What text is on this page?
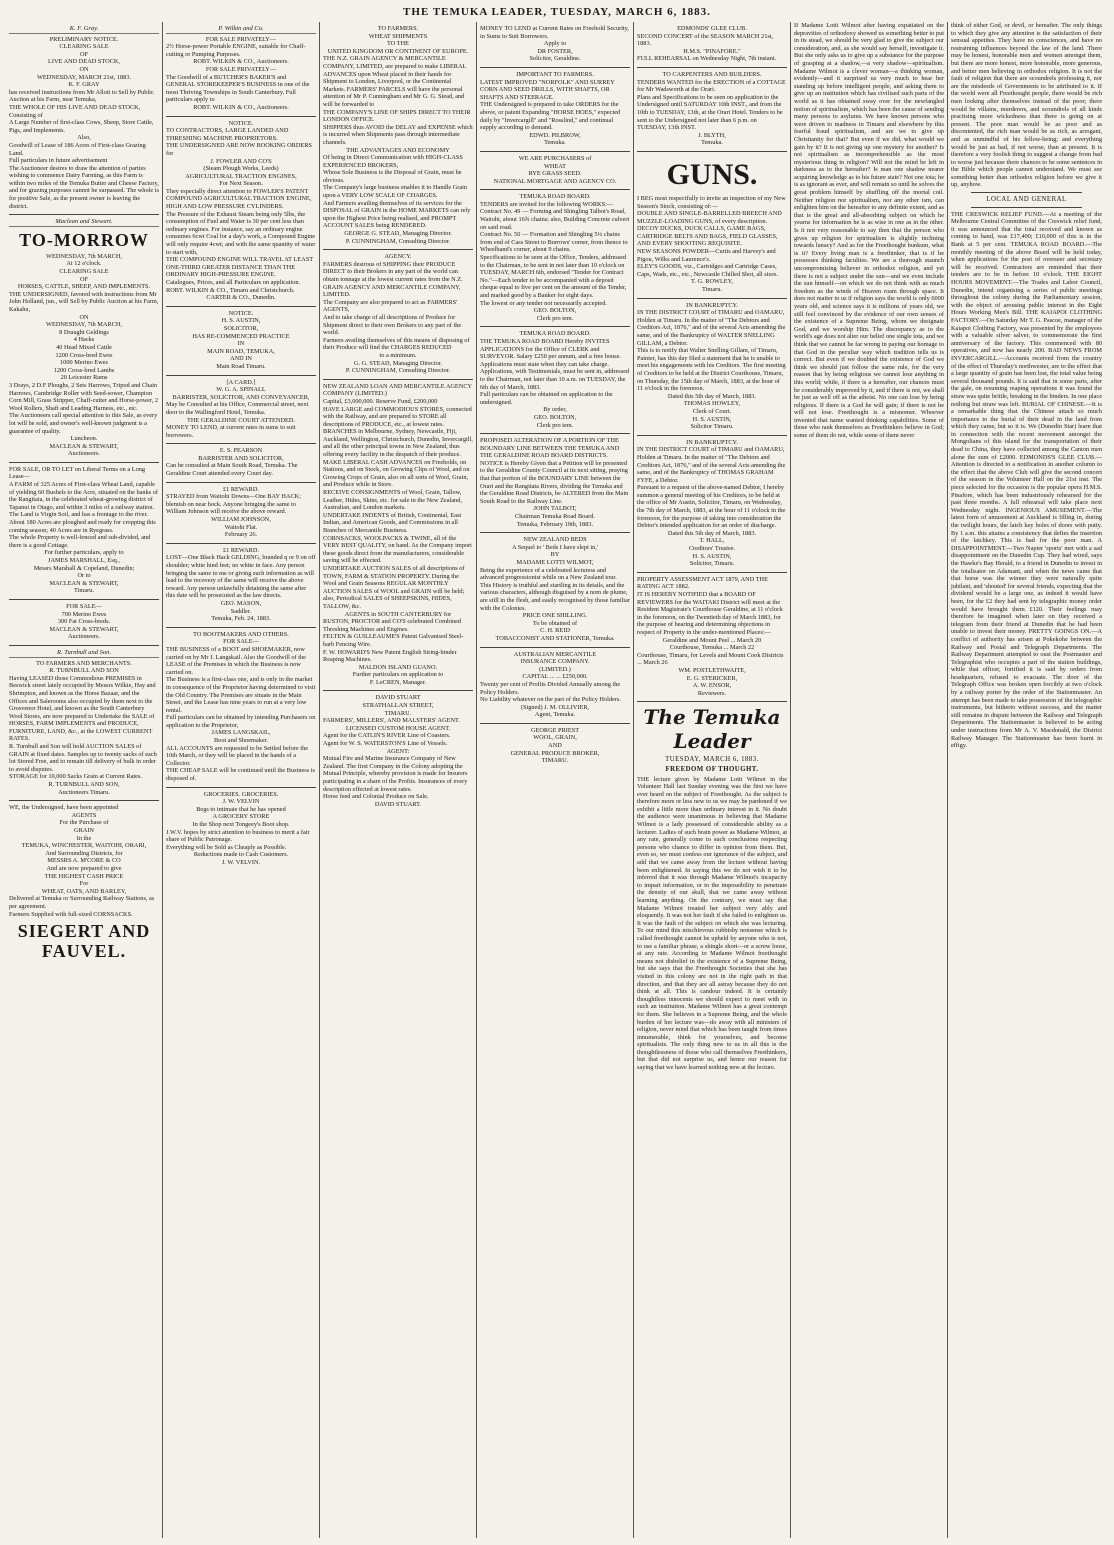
THE TEMUKA LEADER, TUESDAY, MARCH 6, 1883.
K. F. Gray.
PRELIMINARY NOTICE.
CLEARING SALE
OF
LIVE AND DEAD STOCK,
ON
WEDNESDAY, MARCH 21st, 1883.
K. F. GRAY
has received instructions from Mr Allott to Sell by Public Auction at his Farm, near Temuka,
THE WHOLE OF HIS LIVE AND DEAD STOCK, Consisting of
A Large Number of first-class Cows, Sheep, Store Cattle, Pigs, and Implements.
Also,
Goodwill of Lease of 186 Acres of First-class Grazing Land.
Full particulars in future advertisement
The Auctioneer desires to draw the attention of parties wishing to commence Dairy Farming, as this Farm is within two miles of the Temuka Butter and Cheese Factory, and for grazing purposes cannot be surpassed. The whole is for positive Sale, as the present owner is leaving the district.
Maclean and Stewart.
TO-MORROW
WEDNESDAY, 7th MARCH,
At 12 o'clock.
CLEARING SALE
OF
HORSES, CATTLE, SHEEP, AND IMPLEMENTS.
THE UNDERSIGNED, favored with instructions from Mr John Holland, jun., will Sell by Public Auction at his Farm, Kakahu,
ON
WEDNESDAY, 7th MARCH,
8 Draught Geldings
4 Hacks
40 Head Mixed Cattle
1200 Cross-bred Ewes
1000 Merino Ewes
1200 Cross-bred Lambs
20 Leicester Rams
3 Drays, 2 D.F Ploughs, 2 Sets Harrows, Tripod and Chain Harrows, Cambridge Roller with Seed-sower, Champion Corn Mill, Grass Stripper, Chaff-cutter and Horse-power, 2 Wool Rollers, Shaft and Leading Harness, etc., etc.
The Auctioneers call special attention to this Sale, as every lot will be sold, and owner's well-known judgment is a guarantee of quality.
Luncheon.
MACLEAN & STEWART,
Auctioneers.
FOR SALE, OR TO LET on Liberal Terms on a Long Lease—
A FARM of 325 Acres of First-class Wheat Land, capable of yielding 60 Bushels to the Acre, situated on the banks of the Rangitata, in the celebrated wheat-growing district of Tapanui in Otago, and within 3 miles of a railway station. The Land is Virgin Soil, and has a frontage to the river. About 180 Acres are ploughed and ready for cropping this coming season; 40 Acres are in Ryegrass.
The whole Property is well-fenced and sub-divided, and there is a good Cottage.
For further particulars, apply to
JAMES MARSHALL, Esq.,
Messrs Marshall & Copeland, Dunedin;
Or to
MACLEAN & STEWART,
Timaru.
FOR SALE—
700 Merino Ewes
300 Fat Cross-breds.
MACLEAN & STEWART,
Auctioneers.
R. Turnbull and Son.
TO FARMERS AND MERCHANTS.
R. TURNBULL AND SON
Having LEASED those Commodious PREMISES in Beswick street lately occupied by Messrs Wilkie, Hay and Shrimpton, and known as the Horse Bazaar, and the Offices and Salerooms also occupied by them next to the Grosvenor Hotel, and known as the South Canterbury Wool Stores, are now prepared to Undertake the SALE of HORSES, FARM IMPLEMENTS and PRODUCE, FURNITURE, LAND, &c., at the LOWEST CURRENT RATES.
R. Turnbull and Son will hold AUCTION SALES of GRAIN at fixed dates. Samples up to twenty sacks of each lot Stored Free, and to remain till delivery of bulk in order to avoid disputes.
STORAGE for 10,000 Sacks Grain at Current Rates.
R. TURNBULL AND SON,
Auctioneers Timaru.
WE, the Undersigned, have been appointed
AGENTS
For the Purchase of
GRAIN
In the
TEMUKA, WINCHESTER, WAITOHI, ORARI,
And Surrounding Districts, for
MESSRS A. M'CORE & CO
And are now prepared to give
THE HIGHEST CASH PRICE
For
WHEAT, OATS, AND BARLEY,
Delivered at Temuka or Surrounding Railway Stations, as per agreement.
Farmers Supplied with full-sized CORNSACKS.
SIEGERT AND FAUVEL.
P. Wilkin and Co.
FOR SALE PRIVATELY—
2½ Horse-power Portable ENGINE, suitable for Chaff-cutting or Pumping Purposes.
ROBT. WILKIN & CO., Auctioneers.
FOR SALE PRIVATELY—
The Goodwill of a BUTCHER'S BAKER'S and GENERAL STOREKEEPER'S BUSINESS in one of the most Thriving Townships in South Canterbury. Full particulars apply to
ROBT. WILKIN & CO., Auctioneers.
NOTICE.
TO CONTRACTORS, LARGE LANDED AND THRESHING MACHINE PROPRIETORS.
THE UNDERSIGNED ARE NOW BOOKING ORDERS for
J. FOWLER AND CO'S
(Steam Plough Works, Leeds)
AGRICULTURAL TRACTION ENGINES,
For Next Season.
They especially direct attention to FOWLER'S PATENT COMPOUND AGRICULTURAL TRACTION ENGINE, HIGH AND LOW PRESSURE CYLINDERS.
The Pressure of the Exhaust Steam being only 5lbs, the consumption of Fuel and Water is 30 per cent less than ordinary engines. For instance, say an ordinary engine consumes 6cwt Coal for a day's work, a Compound Engine will only require 4cwt; and with the same quantity of water to start with,
THE COMPOUND ENGINE WILL TRAVEL AT LEAST ONE-THIRD GREATER DISTANCE THAN THE ORDINARY HIGH-PRESSURE ENGINE.
Catalogues, Prices, and all Particulars on application.
ROBT. WILKIN & CO., Timaru and Christchurch.
CARTER & CO., Dunedin.
NOTICE.
H. S. AUSTIN,
SOLICITOR,
HAS RE-COMMENCED PRACTICE
IN
MAIN ROAD, TEMUKA,
AND IN
Main Road Timaru.
[A CARD.]
W. G. A. SPINALL
BARRISTER, SOLICITOR, AND CONVEYANCER,
May be Consulted at his Office, Commercial street, next door to the Wallingford Hotel, Temuka.
THE GERALDINE COURT ATTENDED.
MONEY TO LEND, at current rates in sums to suit borrowers.
E. S. PEARSON
BARRISTER AND SOLICITOR,
Can be consulted at Main South Road, Temuka. The Geraldine Court attended every Court day.
£1 REWARD.
STRAYED from Waitohi Downs—One BAY HACK; blemish on near hock. Anyone bringing the same to William Johnson will receive the above reward.
WILLIAM JOHNSON,
Waitohi Flat.
February 26.
£1 REWARD.
LOST—One Black Hack GELDING, branded q or 9 on off shoulder; white hind feet; no white in face. Any person bringing the same to me or giving such information as will lead to the recovery of the same will receive the above reward. Any person unlawfully detaining the same after this date will be prosecuted as the law directs.
GEO. MASON,
Saddler.
Temuka, Feb. 24, 1883.
TO BOOTMAKERS AND OTHERS.
FOR SALE—
THE BUSINESS of a BOOT and SHOEMAKER, now carried on by Mr J. Langskail. Also the Goodwill of the LEASE of the Premises in which the Business is now carried on.
The Business is a first-class one, and is only in the market in consequence of the Proprietor having determined to visit the Old Country. The Premises are situate in the Main Street, and the Lease has nine years to run at a very low rental.
Full particulars can be obtained by intending Purchasers on application to the Proprietor,
JAMES LANGSKAIL,
Boot and Shoemaker.
ALL ACCOUNTS are requested to be Settled before the 10th March, or they will be placed in the hands of a Collector.
THE CHEAP SALE will be continued until the Business is disposed of.
GROCERIES. GROCERIES.
J. W. VELVIN
Begs to intimate that he has opened
A GROCERY STORE
In the Shop next Tongeey's Boot shop.
J.W.V. hopes by strict attention to business to merit a fair share of Public Patronage.
Everything will be Sold as Cheaply as Possible.
Reductions made to Cash Customers.
J. W. VELVIN.
TO FARMERS.
WHEAT SHIPMENTS
TO THE
UNITED KINGDOM OR CONTINENT OF EUROPE.
THE N.Z. GRAIN AGENCY & MERCANTILE COMPANY, LIMITED, are prepared to make LIBERAL ADVANCES upon Wheat placed in their hands for Shipment to London, Liverpool, or the Continental Markets. FARMERS' PARCELS will have the personal attention of Mr P. Cunningham and Mr G. G. Stead, and will be forwarded to
THE COMPANY'S LINE OF SHIPS DIRECT TO THEIR LONDON OFFICE.
SHIPPERS thus AVOID the DELAY and EXPENSE which is incurred when Shipments pass through intermediate channels.
THE ADVANTAGES AND ECONOMY
Of being in Direct Communication with HIGH-CLASS EXPERIENCED BROKERS,
Whose Sole Business is the Disposal of Grain, must be obvious.
The Company's large business enables it to Handle Grain upon a VERY LOW SCALE OF CHARGES.
And Farmers availing themselves of its services for the DISPOSAL of GRAIN in the HOME MARKETS can rely upon the Highest Price being realised, and PROMPT ACCOUNT SALES being RENDERED.
GEORGE G. STEAD, Managing Director.
P. CUNNINGHAM, Consulting Director.
AGENCY.
FARMERS desirous of SHIPPING their PRODUCE DIRECT to their Brokers in any part of the world can obtain tonnage at the lowest current rates from the N.Z. GRAIN AGENCY AND MERCANTILE COMPANY, LIMITED.
The Company are also prepared to act as FARMERS' AGENTS,
And to take charge of all descriptions of Produce for Shipment direct to their own Brokers to any part of the world.
Farmers availing themselves of this means of disposing of their Produce will find the CHARGES REDUCED
to a minimum.
G. G. STEAD, Managing Director.
P. CUNNINGHAM, Consulting Director.
NEW ZEALAND LOAN AND MERCANTILE AGENCY COMPANY (LIMITED.)
Capital, £3,000,000. Reserve Fund, £200,000
HAVE LARGE and COMMODIOUS STORES, connected with the Railway, and are prepared to STORE all descriptions of PRODUCE, etc., at lowest rates.
BRANCHES in Melbourne, Sydney, Newcastle, Fiji, Auckland, Wellington, Christchurch, Dunedin, Invercargill, and all the other principal towns in New Zealand, thus offering every facility in the despatch of their produce.
MAKE LIBERAL CASH ADVANCES on Freeholds, on Stations, and on Stock, on Growing Clips of Wool, and on Growing Crops of Grain, also on all sorts of Wool, Grain, and Produce while in Store.
RECEIVE CONSIGNMENTS of Wool, Grain, Tallow, Leather, Hides, Skins, etc. for sale in the New Zealand, Australian, and London markets.
UNDERTAKE INDENTS of British, Continental, East Indian, and American Goods, and Commissions in all Branches of Mercantile Business.
CORNSACKS, WOOLPACKS & TWINE, all of the VERY BEST QUALITY, on hand. As the Company import these goods direct from the manufacturers, considerable saving will be effected.
UNDERTAKE AUCTION SALES of all descriptions of TOWN, FARM & STATION PROPERTY. During the Wool and Grain Seasons REGULAR MONTHLY AUCTION SALES of WOOL and GRAIN will be held; also, Periodical SALES of SHEEPSKINS, HIDES, TALLOW, &c.
AGENTS in SOUTH CANTERBURY for
RUSTON, PROCTOR and CO'S celebrated Combined Threshing Machines and Engines.
FELTEN & GUILLEAUME'S Patent Galvanised Steel-barb Fencing Wire.
F. W. HOWARD'S New Patent English String-binder Reaping Machines.
MALDON ISLAND GUANO.
Further particulars on application to
F. LeCREN, Manager.
DAVID STUART
STRATHALLAN STREET,
TIMARU.
FARMERS', MILLERS', AND MALSTERS' AGENT.
LICENSED CUSTOM HOUSE AGENT.
Agent for the CATLIN'S RIVER Line of Coasters.
Agent for W. S. WATERSTON'S Line of Vessels.
AGENT:
Mutual Fire and Marine Insurance Company of New Zealand. The first Company in the Colony adopting the Mutual Principle, whereby provision is made for Insurers participating in a share of the Profits. Insurances of every description effected at lowest rates.
Horse feed and Colonial Produce on Sale.
DAVID STUART.
MONEY TO LEND at Current Rates on Freehold Security, in Sums to Suit Borrowers.
Apply to
DR FOSTER,
Solicitor, Geraldine.
IMPORTANT TO FARMERS.
LATEST IMPROVED "NORFOLK" AND SURREY CORN AND SEED DRILLS, WITH SHAFTS, OR SHAFTS AND STEERAGE.
THE Undersigned is prepared to take ORDERS for the above, or patent Expanding "HORSE HOES," expected daily by "Invercargill" and "Rosslind," and continual supply according to demand.
EDWD. PILBROW,
Temuka.
WE ARE PURCHASERS of
WHEAT
RYE GRASS SEED.
NATIONAL MORTGAGE AND AGENCY CO.
TEMUKA ROAD BOARD.
TENDERS are invited for the following WORKS:—
Contract No. 49 — Forming and Shingling Talbot's Road, Waitohi, about 16¾ chains; also, Building Concrete culvert on said road.
Contract No. 50 — Formation and Shingling 5¼ chains from end of Cass Street to Burrows' corner, from thence to Wheelband's corner, about 9 chains.
Specifications to be seen at the Office, Tenders, addressed to the Chairman, to be sent in not later than 10 o'clock on TUESDAY, MARCH 6th, endorsed "Tender for Contract No."—Each tender to be accompanied with a deposit cheque equal to five per cent on the amount of the Tender, and marked good by a Banker for eight days.
The lowest or any tender not necessarily accepted.
GEO. BOLTON,
Clerk pro tem.
TEMUKA ROAD BOARD.
THE TEMUKA ROAD BOARD Hereby INVITES APPLICATIONS for the Office of CLERK and SURVEYOR. Salary £250 per annum, and a free house. Applications must state when they can take charge.
Applications, with Testimonials, must be sent in, addressed to the Chairman, not later than 10 a.m. on TUESDAY, the 6th day of March, 1883.
Full particulars can be obtained on application to the undersigned.
By order,
GEO. BOLTON,
Clerk pro tem.
PROPOSED ALTERATION OF A PORTION OF THE BOUNDARY LINE BETWEEN THE TEMUKA AND THE GERALDINE ROAD BOARD DISTRICTS.
NOTICE is Hereby Given that a Petition will be presented to the Geraldine County Council at its next sitting, praying that that portion of the BOUNDARY LINE between the Orari and the Rangitata Rivers, dividing the Temuka and the Geraldine Road Districts, be ALTERED from the Main South Road to the Railway Line.
JOHN TALBOT,
Chairman Temuka Road Board.
Temuka, February 19th, 1883.
NEW ZEALAND BEDS
A Sequel to ' Beds I have slept in,'
BY
MADAME LOTTI WILMOT,
Being the experience of a celebrated lecturess and advanced progressionist while on a New Zealand tour.
This History is truthful and startling in its details, and the various characters, although disguised by a nom de plume, are still in the flesh, and easily recognised by those familiar with the Colonies.
PRICE ONE SHILLING.
To be obtained of
C. H. REID
TOBACCONIST AND STATIONER, Temuka.
AUSTRALIAN MERCANTILE
INSURANCE COMPANY.
(LIMITED.)
CAPITAL ... ... £250,000.
Twenty per cent of Profits Divided Annually among the Policy Holders.
No Liability whatever on the part of the Policy Holders.
(Signed) J. M. OLLIVIER,
Agent, Temuka.
GEORGE PRIEST
WOOL, GRAIN,
AND
GENERAL PRODUCE BROKER,
TIMARU.
EDMONDS' GLEE CLUB.
SECOND CONCERT of the SEASON MARCH 21st, 1883.
H.M.S. "PINAFORE."
FULL REHEARSAL on Wednesday Night, 7th instant.
TO CARPENTERS AND BUILDERS.
TENDERS WANTED for the ERECTION of a COTTAGE for Mr Wadsworth at the Orari.
Plans and Specifications to be seen on application to the Undersigned until SATURDAY 10th INST., and from the 10th to TUESDAY, 13th, at the Orari Hotel. Tenders to be sent to the Undersigned not later than 6 p.m. on TUESDAY, 13th INST.
J. BLYTH,
Temuka.
GUNS.
I BEG most respectfully to invite an inspection of my New Season's Stock, consisting of:—
DOUBLE AND SINGLE-BARRELLED BREECH AND MUZZLE-LOADING GUNS, of every description.
DECOY DUCKS, DUCK CALLS, GAME BAGS, CARTRIDGE BELTS AND BAGS, FIELD GLASSES, AND EVERY SHOOTING REQUISITE.
NEW SEASONS POWDER—Curtis and Harvey's and Pigou, Wilks and Laurence's.
ELEY'S GOODS, viz., Cartridges and Cartridge Cases, Caps, Wads, etc., etc., Newcastle Chilled Shot, all sizes.
T. G. ROWLEY,
Timaru.
IN BANKRUPTCY.
IN THE DISTRICT COURT of TIMARU and OAMARU, Holden at Timaru. In the matter of "The Debtors and Creditors Act, 1876," and of the several Acts amending the same, and of the Bankruptcy of WALTER SNELLING GILLAM, a Debtor.
This is to notify that Walter Snelling Gillam, of Timaru, Painter, has this day filed a statement that he is unable to meet his engagements with his Creditors. The first meeting of Creditors to be held at the District Courthouse, Timaru, on Thursday, the 15th day of March, 1883, at the hour of 11 o'clock in the forenoon.
Dated this 5th day of March, 1883.
THOMAS HOWLEY,
Clerk of Court.
H. S. AUSTIN,
Solicitor Timaru.
IN BANKRUPTCY.
IN THE DISTRICT COURT of TIMARU and OAMARU, Holden at Timaru. In the matter of "The Debtors and Creditors Act, 1876," and of the several Acts amending the same, and of the Bankruptcy of THOMAS GRAHAM FYFE, a Debtor.
Pursuant to a request of the above-named Debtor, I hereby summon a general meeting of his Creditors, to be held at the office of Mr Austin, Solicitor, Timaru, on Wednesday, the 7th day of March, 1883, at the hour of 11 o'clock in the forenoon, for the purpose of taking into consideration the Debtor's intended application for an order of discharge.
Dated this 5th day of March, 1883.
T. HALL,
Creditors' Trustee.
H. S. AUSTIN,
Solicitor, Timaru.
PROPERTY ASSESSMENT ACT 1879, AND THE RATING ACT 1882.
IT IS HEREBY NOTIFIED that a BOARD OF REVIEWERS for the WAITAKI District will meet at the Resident Magistrate's Courthouse Geraldine, at 11 o'clock in the forenoon, on the Twentieth day of March 1883, for the purpose of hearing and determining objections in respect of Property in the under-mentioned Places:—
Geraldine and Mount Peel ... March 20
Courthouse, Temuka ... March 22
Courthouse, Timaru, for Levels and Mount Cook Districts ... March 26
WM. POSTLETHWAITE,
E. G. STERICKER,
A. W. ENSOR,
Reviewers.
The Temuka Leader
TUESDAY, MARCH 6, 1883.
FREEDOM OF THOUGHT.
THE lecture given by Madame Lotti Wilmot in the Volunteer Hall last Sunday evening was the first we have ever heard on the subject of Freethought. As the subject is therefore more or less new to us we may be pardoned if we exhibit a little more than ordinary interest in it. No doubt the audience were unanimous in believing that Madame Wilmot is a lady possessed of considerable ability as a lecturer. Ladies of such brain power as Madame Wilmot, at any rate, generally come to such conclusions respecting persons who chance to differ in opinion from them. But, even so, we must confess our ignorance of the subject, and add that we came away from the lecture without having been enlightened. In saying this we do not wish it to be inferred that it was through Madame Wilmot's incapacity to impart information, or to the impossibility to penetrate the density of our skull, that we came away without learning anything. On the contrary, we must say that Madame Wilmot treated her subject very ably and eloquently. It was not her fault if she failed to enlighten us. It was the fault of the subject on which she was lecturing. To our mind this mischievous rubbishy nonsense which is called freethought cannot be upheld by anyone who is not, to use a familiar phrase, a shingle short—or a screw loose, at any rate. According to Madame Wilmot freethought means not disbelief in the existence of a Supreme Being, but she says that the Freethought Societies that she has visited in this colony are not in the right path in that direction, and that they are all astray because they do not think at all. This is candour indeed. It is certainly thoughtless innocents we should expect to meet with in such an institution. Madame Wilmot has a great contempt for them. She believes in a Supreme Being, and the whole burden of her lecture was—do away with all ministers of religion, never mind that which has been taught from times innumerable, think for yourselves, and become spiritualists. The only thing new to us in all this is the thoughtlessness of those who call themselves Freethinkers, but that did not surprise us, and hence our reason for saying that we have learned nothing new at the lecture.
If Madame Lotti Wilmot after having expatiated on the depravities of orthodoxy showed us something better to put in its stead, we should be very glad to give the subject our consideration, and, as she would say herself, investigate it. But she only asks us to give up a substance for the purpose of grasping at a shadow,—a very shadow—spiritualism. Madame Wilmot is a clever woman—a thinking woman, evidently—and it surprised us very much to hear her standing up before intelligent people, and asking them to give up an institution which has civilised such parts of the world as it has obtained sway over for the newfangled notion of spiritualism, which has been the cause of sending many persons to asylums. We have known persons who were driven to madness in Timaru and elsewhere by this fearful fraud spiritualism, and are we to give up Christianity for that? But even if we did, what would we gain by it? It is not giving up one mystery for another? Is not spiritualism as incomprehensible as the most mysterious thing in religion? Will not the mind be left in darkness as to the hereafter? Is man one shadow nearer acquiring knowledge as to his future state? Not one iota; he is as ignorant as ever, and will remain so until he solves the great problem himself by shuffling off the mortal coil. Neither religion nor spiritualism, nor any other ism, can enlighten him on the hereafter to any definite extent, and as that is the great and all-absorbing subject on which he yearns for information he is as wise in one as in the other. Is it not very reasonable to say then that the person who gives up religion for spiritualism is slightly inclining towards lunacy? And as for the Freethought bunkum, what is it? Every living man is a freethinker, that is if he possesses thinking faculties. We are a thorough staunch uncompromising believer in orthodox religion, and yet there is not a subject under the sun—and we even include the sun himself—on which we do not think with as much freedom as the winds of Heaven roam through space. It does not matter to us if religion says the world is only 6000 years old, and science says it is millions of years old, we still feel convinced by the evidence of our own senses of the existence of a Supreme Being, whom we designate God, and we worship Him. The discrepancy as to the world's age does not alter our belief one single iota, and we think that we cannot be far wrong in paying our homage to that God in the peculiar way which tradition tells us is correct. But even if we doubted the existence of God we think we should just follow the same rule, for the very reason that by being religious we cannot lose anything in this world; while, if there is a hereafter, our chances must be considerably improved by it, and if there is not, we shall be just as well off as the atheist. No one can lose by being religious. If there is a God he will gain; if there is not he will not lose. Freethought is a misnomer. Whoever invented that name wanted thinking capabilities. Some of those who rank themselves as Freethinkers believe in God; some of them do not, while some of them never
think of either God, or devil, or hereafter. The only things to which they give any attention is the satisfaction of their sensual appetites. They have no consciences, and have no restraining influences beyond the law of the land. There may be honest, honorable men and women amongst them, but there are more honest, more honorable, more generous, and better men believing in orthodox religion. It is not the fault of religion that there are scoundrels professing it, nor are the misdeeds of Governments to be attributed to it. If the world were all Freethought people, there would be rich men looking after themselves instead of the poor; there would be villains, murderers, and scoundrels of all kinds practising more wickedness than there is going on at present. The poor man would be as poor and as discontented, the rich man would be as rich, as arrogant, and as unmindful of his fellow-being; and everything would be just as bad, if not worse, than at present. It is therefore a very foolish thing to suggest a change from bad to worse just because there chances to be some sentences in the Bible which people cannot understand. We must see something better than orthodox religion before we give it up, anyhow.
LOCAL AND GENERAL
THE CRESWICK RELIEF FUND.—At a meeting of the Melbourne Central Committee of the Creswick relief fund, it was announced that the total received and known as coming to hand, was £17,400; £10,000 of this is in the Bank at 5 per cent. TEMUKA ROAD BOARD.—The monthly meeting of the above Board will be held today, when applications for the post of overseer and secretary will be received. Contractors are reminded that their tenders are to be in before 10 o'clock. THE EIGHT HOURS MOVEMENT.—The Trades and Labor Council, Dunedin, intend organising a series of public meetings throughout the colony during the Parliamentary session, with the object of arousing public interest in the Eight Hours Working Men's Bill. THE KAIAPOI CLOTHING FACTORY.—On Saturday Mr T. G. Pascoe, manager of the Kaiapoi Clothing Factory, was presented by the employees with a valuable silver salver, to commemorate the first anniversary of the factory. This commenced with 80 operatives, and now has nearly 200. BAD NEWS FROM INVERCARGILL.—Accounts received from the country of the effect of Thursday's northwester, are to the effect that a large quantity of grain has been lost, the total value being several thousand pounds. It is said that in some parts, after the gale, on resuming reaping operations it was found the straw was quite brittle, breaking in the binders. In one place nothing but straw was left. BURIAL OF CHINESE.—It is a remarkable thing that the Chinese attach so much importance to the burial of their dead in the land from which they came, but so it is. We (Dunedin Star) learn that in connection with the recent movement amongst the Mongolians of this island for the transportation of their dead to China, they have collected among the Canton men alone the sum of £2000. EDMONDS'S GLEE CLUB.—Attention is directed to a notification in another column to the effect that the above Club will give the second concert of the season in the Volunteer Hall on the 21st inst. The piece selected for the occasion is the popular opera H.M.S. Pinafore, which has been industriously rehearsed for the past three months. A full rehearsal will take place next Wednesday night. INGENIOUS AMUSEMENT.—The latest form of amusement at Auckland is filling in, during the twilight hours, the latch key holes of doors with putty. By 1 a.m. this attains a consistency that defies the insertion of the latchkey. This is bad for the poor man. A DISAPPOINTMENT.—Two Napier 'sports' met with a sad disappointment on the Dunedin Cup. They had wired, says the Hawke's Bay Herald, to a friend in Dunedin to invest in the totalisator on Adamant, and when the news came that that horse was the winner they were naturally quite jubilant, and 'shouted' for several friends, expecting that the dividend would be a large one, as indeed it would have been, for the £2 they had sent by telegraphic money order would have brought them £120. Their feelings may therefore be imagined when later on they received a telegram from their friend at Dunedin that he had been unable to invest their money. PRETTY GOINGS ON.—A conflict of authority has arisen at Pokekohe between the Railway and Postal and Telegraph Departments. The Railway Department attempted to oust the Postmaster and Telegraphist who occupies a part of the station buildings, while that officer, fortified it is said by orders from headquarters, refused to evacuate. The door of the Telegraph Office was broken open forcibly at two o'clock by a railway porter by the order of the Stationmaster. An attempt has been made to take possession of the telegraphic instruments, but hitherto without success, and the matter still remains in dispute between the Railway and Telegraph Departments. The Stationmaster is believed to be acting under instructions from Mr A. V. Macdonald, the District Railway Manager. The Stationmaster has been burnt in effigy.
